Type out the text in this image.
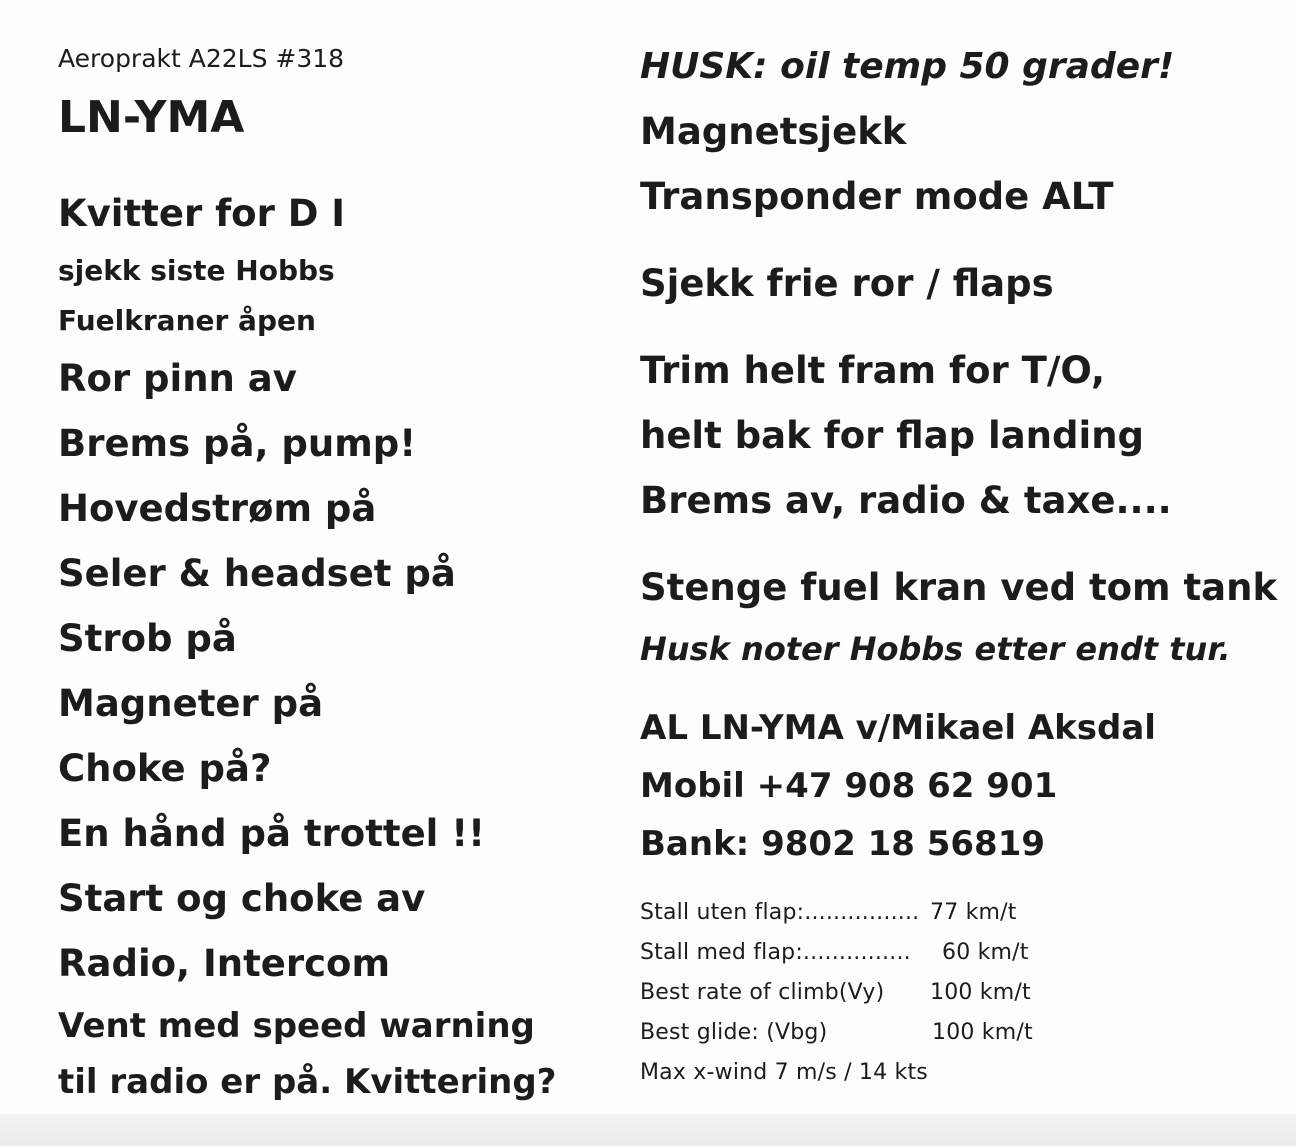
Aeroprakt A22LS #318
LN-YMA
Kvitter for D I
sjekk siste Hobbs
Fuelkraner åpen
Ror pinn av
Brems på, pump!
Hovedstrøm på
Seler & headset på
Strob på
Magneter på
Choke på?
En hånd på trottel !!
Start og choke av
Radio, Intercom
Vent med speed warning
til radio er på. Kvittering?
HUSK: oil temp 50 grader!
Magnetsjekk
Transponder mode ALT
Sjekk frie ror / flaps
Trim helt fram for T/O,
helt bak for flap landing
Brems av, radio & taxe....
Stenge fuel kran ved tom tank
Husk noter Hobbs etter endt tur.
AL LN-YMA v/Mikael Aksdal
Mobil +47 908 62 901
Bank: 9802 18 56819
Stall uten flap:................ 77 km/t
Stall med flap:............... 60 km/t
Best rate of climb(Vy) 100 km/t
Best glide: (Vbg)	100 km/t
Max x-wind 7 m/s / 14 kts
